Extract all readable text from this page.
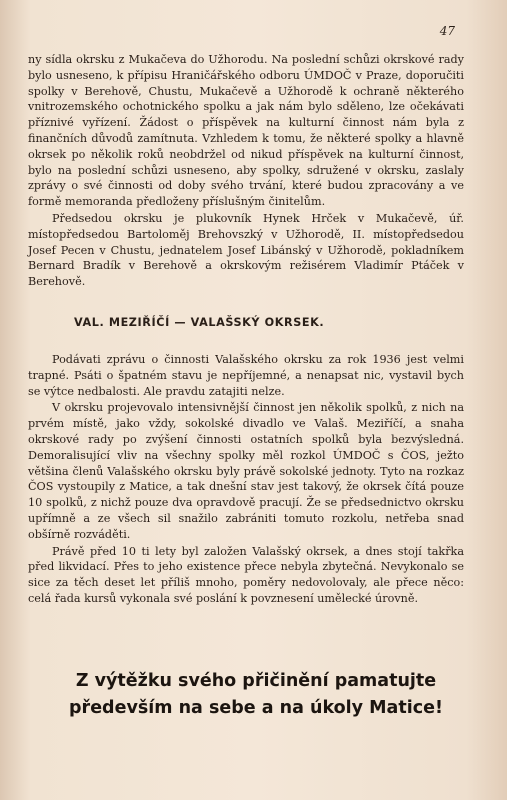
47

ny sídla okrsku z Mukačeva do Užhorodu. Na poslední schůzi okrskové rady bylo usneseno, k přípisu Hraničářského odboru ÚMDOČ v Praze, doporučiti spolky v Berehově, Chustu, Mukačevě a Užhorodě k ochraně některého vnitrozemského ochotnického spolku a jak nám bylo sděleno, lze očekávati příznivé vyřízení. Žádost o příspěvek na kulturní činnost nám byla z finančních důvodů zamítnuta. Vzhledem k tomu, že některé spolky a hlavně okrsek po několik roků neobdržel od nikud příspěvek na kulturní činnost, bylo na poslední schůzi usneseno, aby spolky, sdružené v okrsku, zaslaly zprávy o své činnosti od doby svého trvání, které budou zpracovány a ve formě memoranda předloženy příslušným činitelům.

Předsedou okrsku je plukovník Hynek Hrček v Mukačevě, úř. místopředsedou Bartoloměj Brehovszký v Užhorodě, II. místopředsedou Josef Pecen v Chustu, jednatelem Josef Libánský v Užhorodě, pokladníkem Bernard Bradík v Berehově a okrskovým režisérem Vladimír Ptáček v Berehově.

VAL. MEZIŘÍČÍ — VALAŠSKÝ OKRSEK.

Podávati zprávu o činnosti Valašského okrsku za rok 1936 jest velmi trapné. Psáti o špatném stavu je nepříjemné, a nenapsat nic, vystavil bych se výtce nedbalosti. Ale pravdu zatajiti nelze.

V okrsku projevovalo intensivnější činnost jen několik spolků, z nich na prvém místě, jako vždy, sokolské divadlo ve Valaš. Meziříčí, a snaha okrskové rady po zvýšení činnosti ostatních spolků byla bezvýsledná. Demoralisující vliv na všechny spolky měl rozkol ÚMDOČ s ČOS, ježto většina členů Valašského okrsku byly právě sokolské jednoty. Tyto na rozkaz ČOS vystoupily z Matice, a tak dnešní stav jest takový, že okrsek čítá pouze 10 spolků, z nichž pouze dva opravdově pracují. Že se předsednictvo okrsku upřímně a ze všech sil snažilo zabrániti tomuto rozkolu, netřeba snad obšírně rozváděti.

Právě před 10 ti lety byl založen Valašský okrsek, a dnes stojí takřka před likvidací. Přes to jeho existence přece nebyla zbytečná. Nevykonalo se sice za těch deset let příliš mnoho, poměry nedovolovaly, ale přece něco: celá řada kursů vykonala své poslání k povznesení umělecké úrovně.

Z výtěžku svého přičinění pamatujte
především na sebe a na úkoly Matice!
